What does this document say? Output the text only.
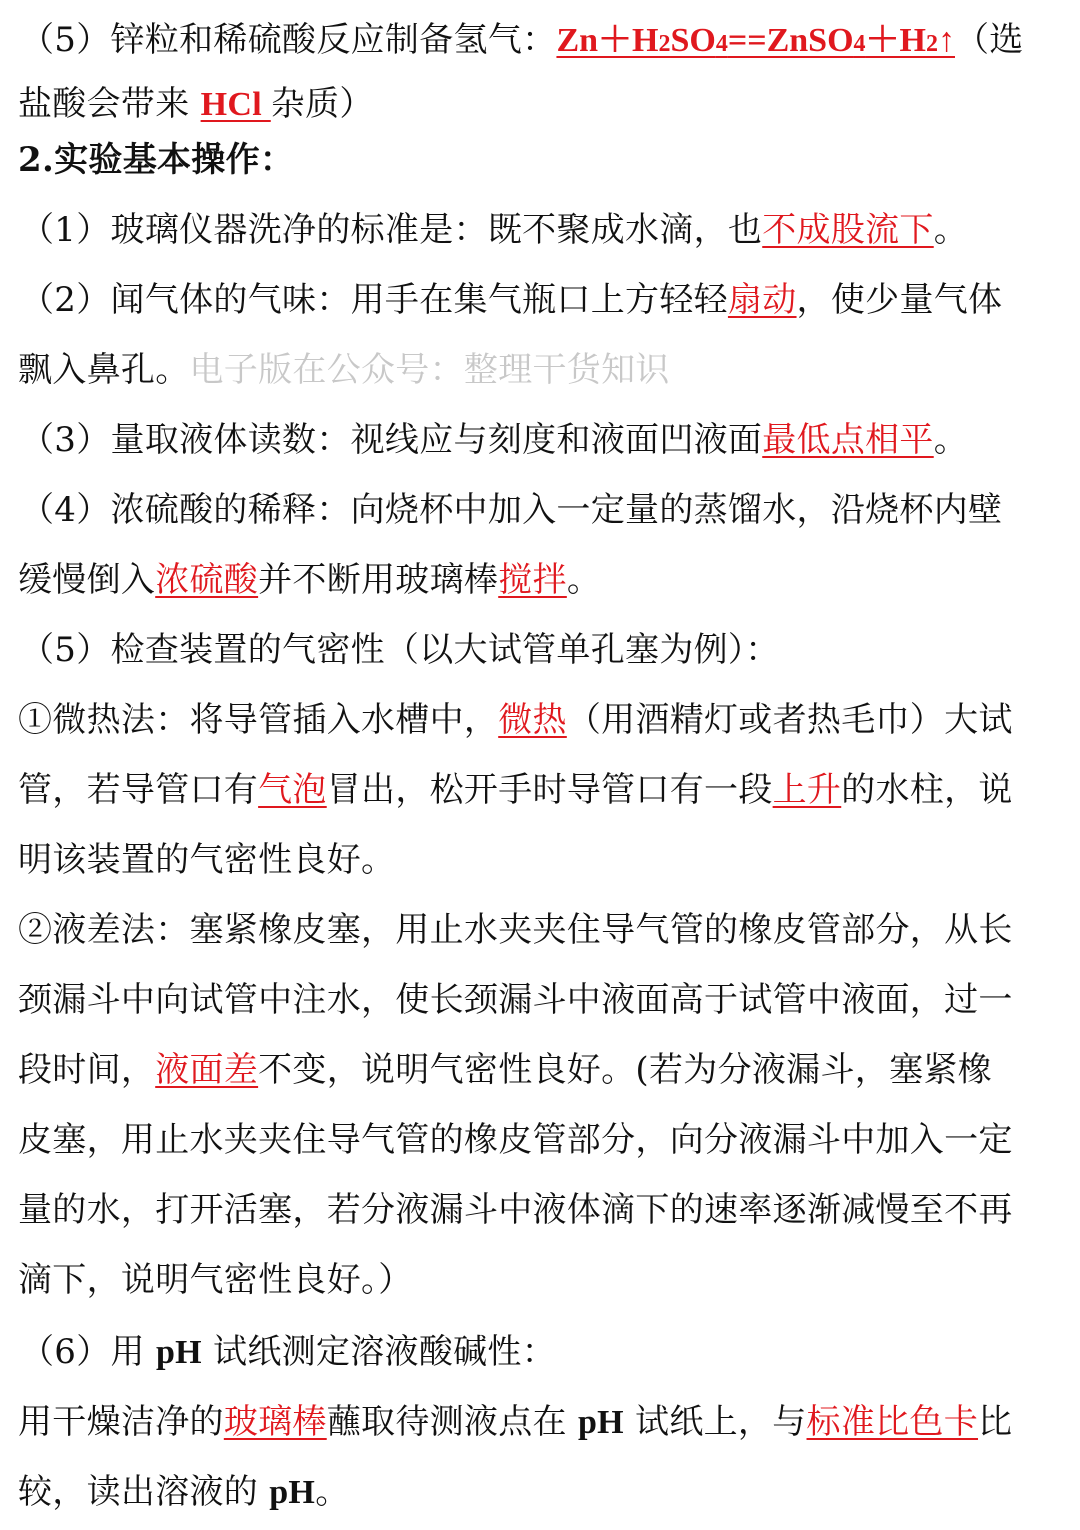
（5）锌粒和稀硫酸反应制备氢气：Zn＋H2SO4==ZnSO4＋H2↑（选
盐酸会带来 HCl 杂质）
2.实验基本操作：
（1）玻璃仪器洗净的标准是：既不聚成水滴，也不成股流下。
（2）闻气体的气味：用手在集气瓶口上方轻轻扇动，使少量气体
飘入鼻孔。电子版在公众号：整理干货知识
（3）量取液体读数：视线应与刻度和液面凹液面最低点相平。
（4）浓硫酸的稀释：向烧杯中加入一定量的蒸馏水，沿烧杯内壁
缓慢倒入浓硫酸并不断用玻璃棒搅拌。
（5）检查装置的气密性（以大试管单孔塞为例）：
①微热法：将导管插入水槽中，微热（用酒精灯或者热毛巾）大试
管，若导管口有气泡冒出，松开手时导管口有一段上升的水柱，说
明该装置的气密性良好。
②液差法：塞紧橡皮塞，用止水夹夹住导气管的橡皮管部分，从长
颈漏斗中向试管中注水，使长颈漏斗中液面高于试管中液面，过一
段时间，液面差不变，说明气密性良好。(若为分液漏斗，塞紧橡
皮塞，用止水夹夹住导气管的橡皮管部分，向分液漏斗中加入一定
量的水，打开活塞，若分液漏斗中液体滴下的速率逐渐减慢至不再
滴下，说明气密性良好。）
（6）用 pH 试纸测定溶液酸碱性：
用干燥洁净的玻璃棒蘸取待测液点在 pH 试纸上，与标准比色卡比
较，读出溶液的 pH。
